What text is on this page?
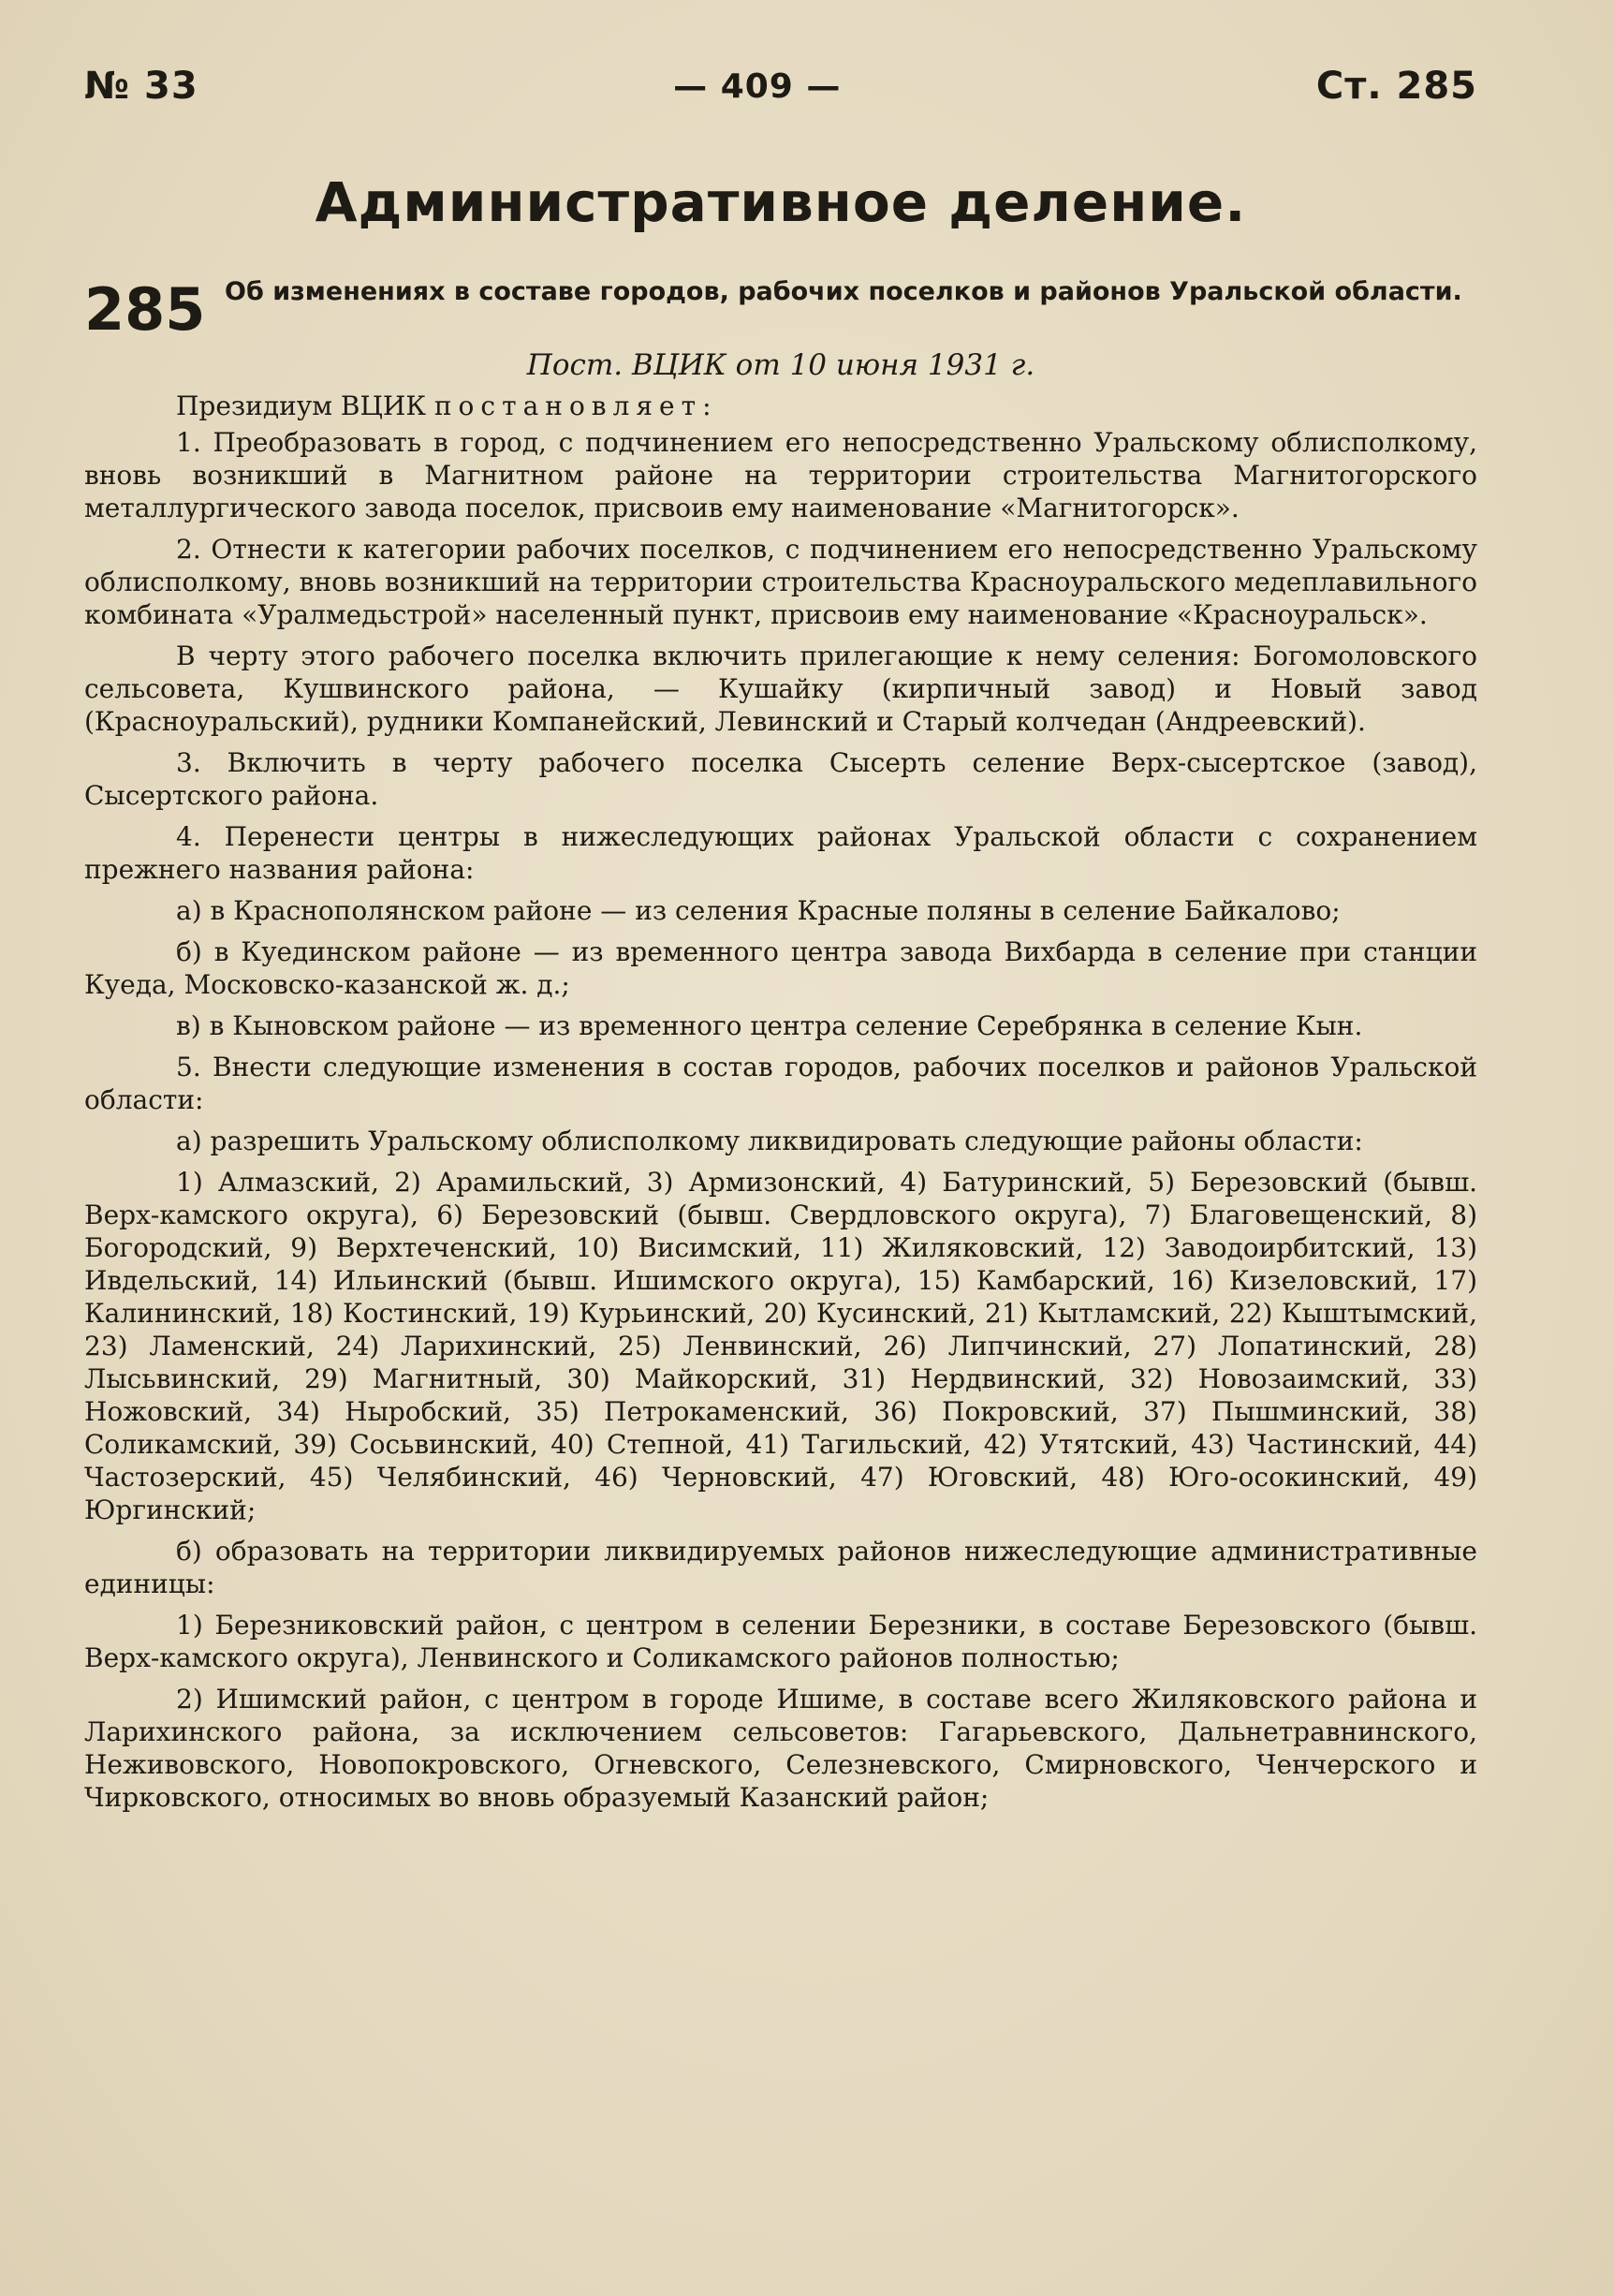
№ 33	— 409 —	Ст. 285
Административное деление.
285 Об изменениях в составе городов, рабочих поселков и районов Уральской области.
Пост. ВЦИК от 10 июня 1931 г.

Президиум ВЦИК постановляет:

1. Преобразовать в город, с подчинением его непосредственно Уральскому облисполкому, вновь возникший в Магнитном районе на территории строительства Магнитогорского металлургического завода поселок, присвоив ему наименование «Магнитогорск».

2. Отнести к категории рабочих поселков, с подчинением его непосредственно Уральскому облисполкому, вновь возникший на территории строительства Красноуральского медеплавильного комбината «Уралмедьстрой» населенный пункт, присвоив ему наименование «Красноуральск».

В черту этого рабочего поселка включить прилегающие к нему селения: Богомоловского сельсовета, Кушвинского района, — Кушайку (кирпичный завод) и Новый завод (Красноуральский), рудники Компанейский, Левинский и Старый колчедан (Андреевский).

3. Включить в черту рабочего поселка Сысерть селение Верх-сысертское (завод), Сысертского района.

4. Перенести центры в нижеследующих районах Уральской области с сохранением прежнего названия района:

а) в Краснополянском районе — из селения Красные поляны в селение Байкалово;

б) в Куединском районе — из временного центра завода Вихбарда в селение при станции Куеда, Московско-казанской ж. д.;

в) в Кыновском районе — из временного центра селение Серебрянка в селение Кын.

5. Внести следующие изменения в состав городов, рабочих поселков и районов Уральской области:

а) разрешить Уральскому облисполкому ликвидировать следующие районы области:

1) Алмазский, 2) Арамильский, 3) Армизонский, 4) Батуринский, 5) Березовский (бывш. Верх-камского округа), 6) Березовский (бывш. Свердловского округа), 7) Благовещенский, 8) Богородский, 9) Верхтеченский, 10) Висимский, 11) Жиляковский, 12) Заводоирбитский, 13) Ивдельский, 14) Ильинский (бывш. Ишимского округа), 15) Камбарский, 16) Кизеловский, 17) Калининский, 18) Костинский, 19) Курьинский, 20) Кусинский, 21) Кытламский, 22) Кыштымский, 23) Ламенский, 24) Ларихинский, 25) Ленвинский, 26) Липчинский, 27) Лопатинский, 28) Лысьвинский, 29) Магнитный, 30) Майкорский, 31) Нердвинский, 32) Новозаимский, 33) Ножовский, 34) Ныробский, 35) Петрокаменский, 36) Покровский, 37) Пышминский, 38) Соликамский, 39) Сосьвинский, 40) Степной, 41) Тагильский, 42) Утятский, 43) Частинский, 44) Частозерский, 45) Челябинский, 46) Черновский, 47) Юговский, 48) Юго-осокинский, 49) Юргинский;

б) образовать на территории ликвидируемых районов нижеследующие административные единицы:

1) Березниковский район, с центром в селении Березники, в составе Березовского (бывш. Верх-камского округа), Ленвинского и Соликамского районов полностью;

2) Ишимский район, с центром в городе Ишиме, в составе всего Жиляковского района и Ларихинского района, за исключением сельсоветов: Гагарьевского, Дальнетравнинского, Неживовского, Новопокровского, Огневского, Селезневского, Смирновского, Ченчерского и Чирковского, относимых во вновь образуемый Казанский район;
